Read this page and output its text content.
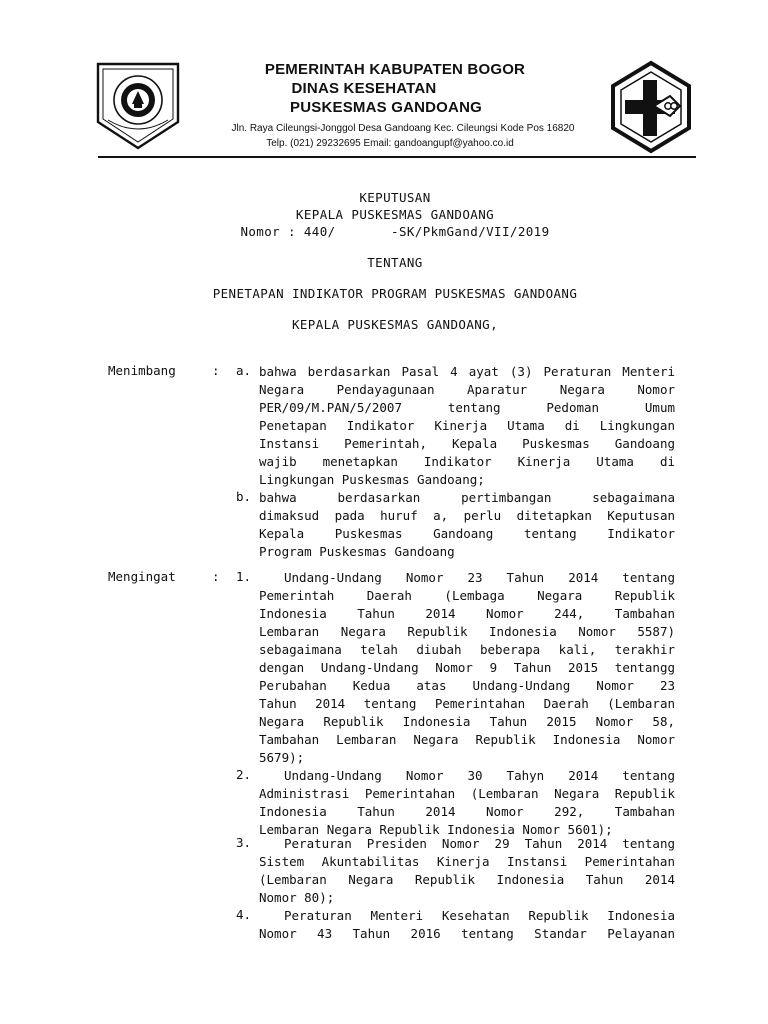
PEMERINTAH KABUPATEN BOGOR
DINAS KESEHATAN
PUSKESMAS GANDOANG
Jln. Raya Cileungsi-Jonggol Desa Gandoang Kec. Cileungsi Kode Pos 16820
Telp. (021) 29232695 Email: gandoangupf@yahoo.co.id
KEPUTUSAN
KEPALA PUSKESMAS GANDOANG
Nomor : 440/       -SK/PkmGand/VII/2019
TENTANG
PENETAPAN INDIKATOR PROGRAM PUSKESMAS GANDOANG
KEPALA PUSKESMAS GANDOANG,
Menimbang	: a. bahwa berdasarkan Pasal 4 ayat (3) Peraturan Menteri
Negara Pendayagunaan Aparatur Negara Nomor
PER/09/M.PAN/5/2007 tentang Pedoman Umum
Penetapan Indikator Kinerja Utama di Lingkungan
Instansi Pemerintah, Kepala Puskesmas Gandoang
wajib menetapkan Indikator Kinerja Utama di
Lingkungan Puskesmas Gandoang;
b. bahwa berdasarkan pertimbangan sebagaimana
dimaksud pada huruf a, perlu ditetapkan Keputusan
Kepala Puskesmas Gandoang tentang Indikator
Program Puskesmas Gandoang
Mengingat	: 1.	Undang-Undang Nomor 23 Tahun 2014 tentang
Pemerintah Daerah (Lembaga Negara Republik
Indonesia Tahun 2014 Nomor 244, Tambahan
Lembaran Negara Republik Indonesia Nomor 5587)
sebagaimana telah diubah beberapa kali, terakhir
dengan Undang-Undang Nomor 9 Tahun 2015 tentangg
Perubahan Kedua atas Undang-Undang Nomor 23
Tahun 2014 tentang Pemerintahan Daerah (Lembaran
Negara Republik Indonesia Tahun 2015 Nomor 58,
Tambahan Lembaran Negara Republik Indonesia Nomor
5679);
2.	Undang-Undang Nomor 30 Tahyn 2014 tentang
Administrasi Pemerintahan (Lembaran Negara Republik
Indonesia Tahun 2014 Nomor 292, Tambahan
Lembaran Negara Republik Indonesia Nomor 5601);
3.	Peraturan Presiden Nomor 29 Tahun 2014 tentang
Sistem Akuntabilitas Kinerja Instansi Pemerintahan
(Lembaran Negara Republik Indonesia Tahun 2014
Nomor 80);
4.	Peraturan Menteri Kesehatan Republik Indonesia
Nomor 43 Tahun 2016 tentang Standar Pelayanan
